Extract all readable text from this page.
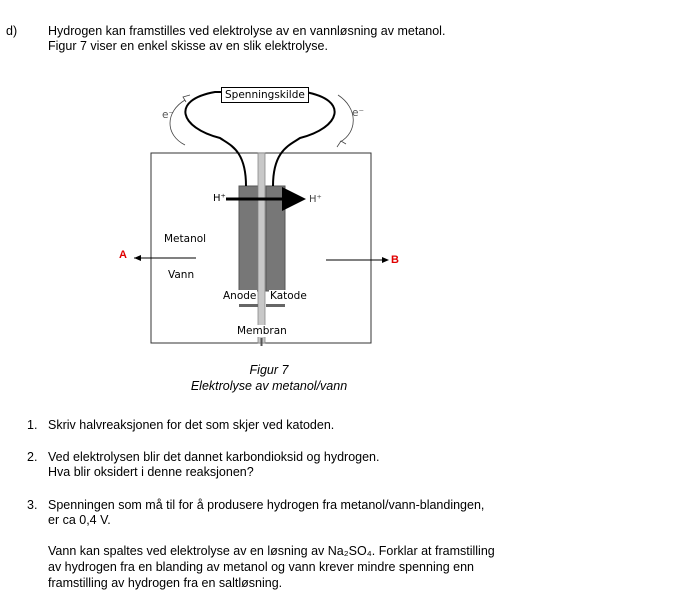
d) Hydrogen kan framstilles ved elektrolyse av en vannløsning av metanol.
Figur 7 viser en enkel skisse av en slik elektrolyse.
Spenningskilde
e⁻	e⁻
H⁺	H⁺
Metanol
Vann
Anode Katode
Membran
A	B
Figur 7
Elektrolyse av metanol/vann
1. Skriv halvreaksjonen for det som skjer ved katoden.
2. Ved elektrolysen blir det dannet karbondioksid og hydrogen.
Hva blir oksidert i denne reaksjonen?
3. Spenningen som må til for å produsere hydrogen fra metanol/vann-blandingen,
er ca 0,4 V.
Vann kan spaltes ved elektrolyse av en løsning av Na₂SO₄. Forklar at framstilling
av hydrogen fra en blanding av metanol og vann krever mindre spenning enn
framstilling av hydrogen fra en saltløsning.
